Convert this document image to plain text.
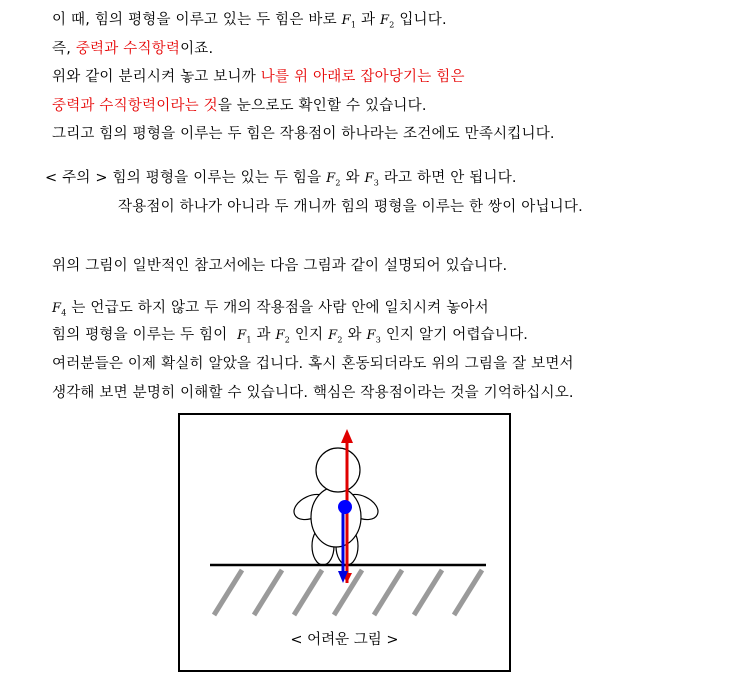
이 때, 힘의 평형을 이루고 있는 두 힘은 바로 $F_1$ 과 $F_2$ 입니다.
즉, 중력과 수직항력이죠.
위와 같이 분리시켜 놓고 보니까 나를 위 아래로 잡아당기는 힘은
중력과 수직항력이라는 것을 눈으로도 확인할 수 있습니다.
그리고 힘의 평형을 이루는 두 힘은 작용점이 하나라는 조건에도 만족시킵니다.
< 주의 > 힘의 평형을 이루는 있는 두 힘을 $F_2$ 와 $F_3$ 라고 하면 안 됩니다.
작용점이 하나가 아니라 두 개니까 힘의 평형을 이루는 한 쌍이 아닙니다.
위의 그림이 일반적인 참고서에는 다음 그림과 같이 설명되어 있습니다.
$F_4$ 는 언급도 하지 않고 두 개의 작용점을 사람 안에 일치시켜 놓아서
힘의 평형을 이루는 두 힘이 $F_1$ 과 $F_2$ 인지 $F_2$ 와 $F_3$ 인지 알기 어렵습니다.
여러분들은 이제 확실히 알았을 겁니다. 혹시 혼동되더라도 위의 그림을 잘 보면서
생각해 보면 분명히 이해할 수 있습니다. 핵심은 작용점이라는 것을 기억하십시오.
< 어려운 그림 >
